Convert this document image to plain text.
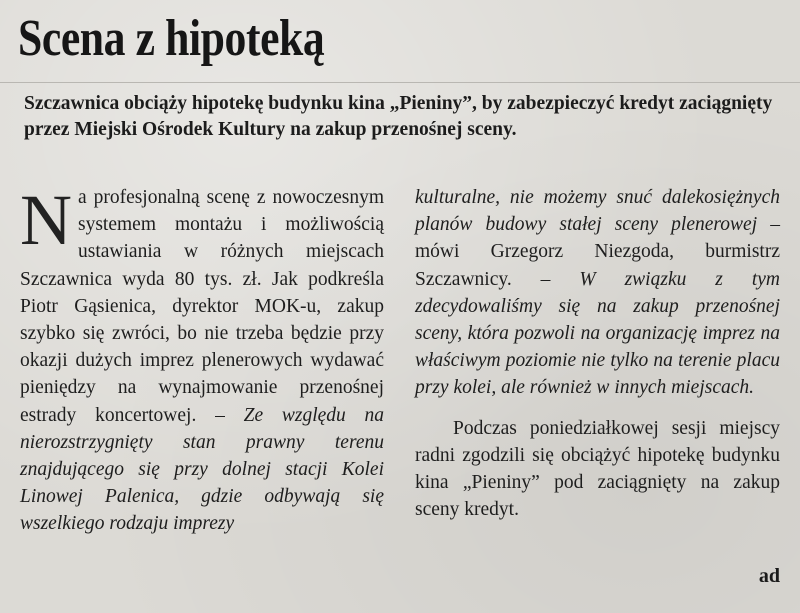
Scena z hipoteką
Szczawnica obciąży hipotekę budynku kina „Pieniny”, by zabezpieczyć kredyt zaciągnięty przez Miejski Ośrodek Kultury na zakup przenośnej sceny.

Na profesjonalną scenę z nowoczesnym systemem montażu i możliwością ustawiania w różnych miejscach Szczawnica wyda 80 tys. zł. Jak podkreśla Piotr Gąsienica, dyrektor MOK-u, zakup szybko się zwróci, bo nie trzeba będzie przy okazji dużych imprez plenerowych wydawać pieniędzy na wynajmowanie przenośnej estrady koncertowej. – Ze względu na nierozstrzygnięty stan prawny terenu znajdującego się przy dolnej stacji Kolei Linowej Palenica, gdzie odbywają się wszelkiego rodzaju imprezy

kulturalne, nie możemy snuć dalekosiężnych planów budowy stałej sceny plenerowej – mówi Grzegorz Niezgoda, burmistrz Szczawnicy. – W związku z tym zdecydowaliśmy się na zakup przenośnej sceny, która pozwoli na organizację imprez na właściwym poziomie nie tylko na terenie placu przy kolei, ale również w innych miejscach.

Podczas poniedziałkowej sesji miejscy radni zgodzili się obciążyć hipotekę budynku kina „Pieniny” pod zaciągnięty na zakup sceny kredyt.

ad
